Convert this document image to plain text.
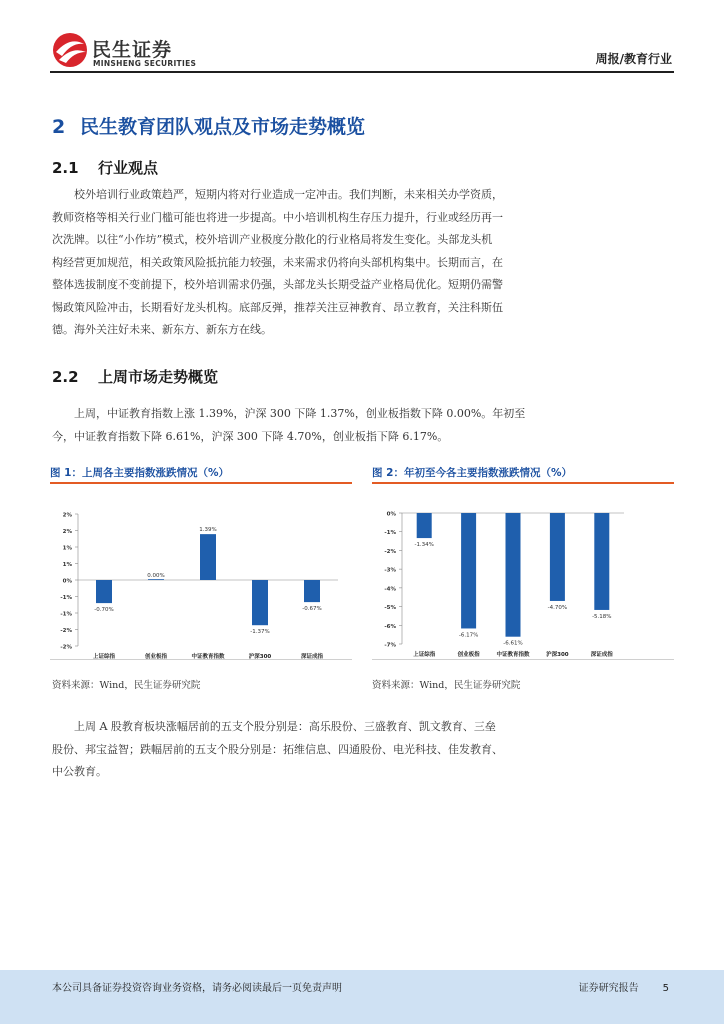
民生证券
MINSHENG SECURITIES	周报/教育行业
2 民生教育团队观点及市场走势概览
2.1 行业观点
校外培训行业政策趋严，短期内将对行业造成一定冲击。我们判断，未来相关办学资质，
教师资格等相关行业门槛可能也将进一步提高。中小培训机构生存压力提升，行业或经历再一
次洗牌。以往“小作坊”模式，校外培训产业极度分散化的行业格局将发生变化。头部龙头机
构经营更加规范，相关政策风险抵抗能力较强，未来需求仍将向头部机构集中。长期而言，在
整体选拔制度不变前提下，校外培训需求仍强，头部龙头长期受益产业格局优化。短期仍需警
惕政策风险冲击，长期看好龙头机构。底部反弹，推荐关注豆神教育、昂立教育，关注科斯伍
德。海外关注好未来、新东方、新东方在线。
2.2 上周市场走势概览
上周，中证教育指数上涨 1.39%，沪深 300 下降 1.37%，创业板指数下降 0.00%。年初至
今，中证教育指数下降 6.61%，沪深 300 下降 4.70%，创业板指下降 6.17%。
图 1：上周各主要指数涨跌情况（%）
2%
2%
1%
1%
0%
-1%
-1%
-2%
-2%
-0.70%
上证综指
0.00%
创业板指
1.39%
中证教育指数
-1.37%
沪深300
-0.67%
深证成指
资料来源：Wind，民生证券研究院
图 2：年初至今各主要指数涨跌情况（%）
0%
-1%
-2%
-3%
-4%
-5%
-6%
-7%
-1.34%
上证综指
-6.17%
创业板指
-6.61%
中证教育指数
-4.70%
沪深300
-5.18%
深证成指
资料来源：Wind，民生证券研究院
上周 A 股教育板块涨幅居前的五支个股分别是：高乐股份、三盛教育、凯文教育、三垒
股份、邦宝益智；跌幅居前的五支个股分别是：拓维信息、四通股份、电光科技、佳发教育、
中公教育。
本公司具备证券投资咨询业务资格，请务必阅读最后一页免责声明	证券研究报告 5
